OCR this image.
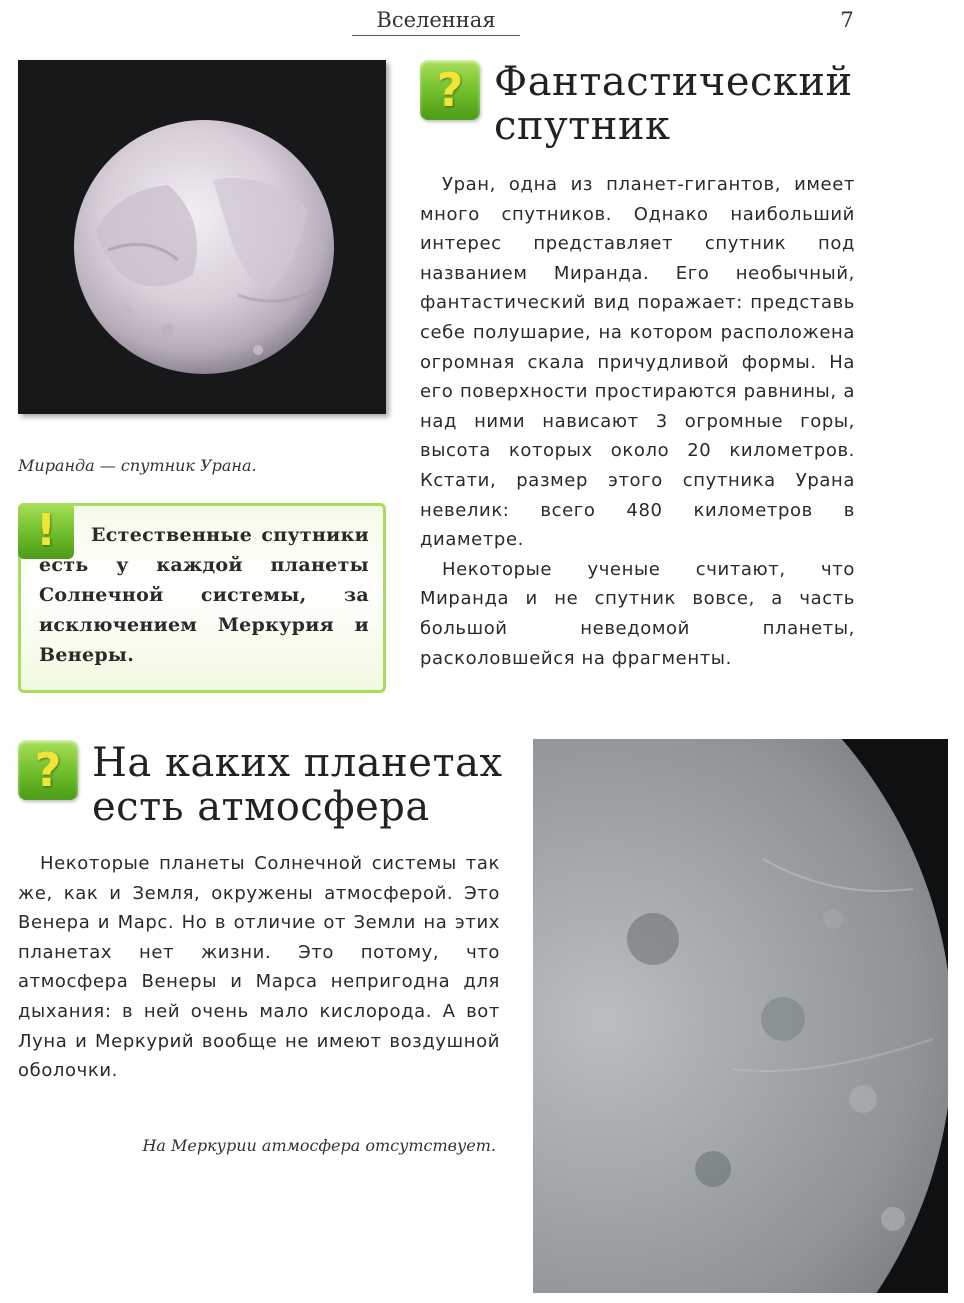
Вселенная	7
Миранда — спутник Урана.
!	Естественные спутники есть у каждой планеты Солнечной системы, за исключением Меркурия и Венеры.
? Фантастический
спутник

Уран, одна из планет-гигантов, имеет много спутников. Однако наибольший интерес представляет спутник под названием Миранда. Его необычный, фантастический вид поражает: представь себе полушарие, на котором расположена огромная скала причудливой формы. На его поверхности простираются равнины, а над ними нависают 3 огромные горы, высота которых около 20 километров. Кстати, размер этого спутника Урана невелик: всего 480 километров в диаметре.

Некоторые ученые считают, что Миранда и не спутник вовсе, а часть большой неведомой планеты, расколовшейся на фрагменты.

? На каких планетах
есть атмосфера

Некоторые планеты Солнечной системы так же, как и Земля, окружены атмосферой. Это Венера и Марс. Но в отличие от Земли на этих планетах нет жизни. Это потому, что атмосфера Венеры и Марса непригодна для дыхания: в ней очень мало кислорода. А вот Луна и Меркурий вообще не имеют воздушной оболочки.

На Меркурии атмосфера отсутствует.
